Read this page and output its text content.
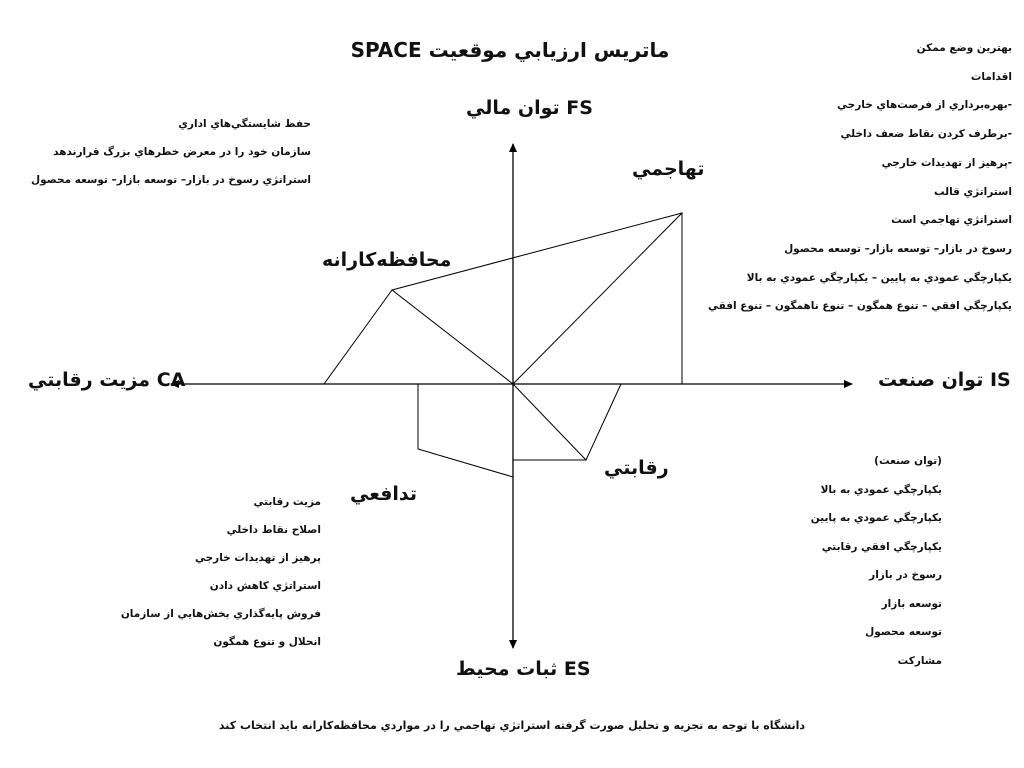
ماتريس ارزيابي موقعيت SPACE
FS توان مالي
ES ثبات محيط
CA مزيت رقابتي	IS توان صنعت
تهاجمي
محافظه‌كارانه
تدافعي
رقابتي
بهترين وضع ممكن
اقدامات
-بهره‌برداري از فرصت‌هاي خارجي
-برطرف كردن نقاط ضعف داخلي
-پرهيز از تهديدات خارجي
استراتژي قالب
استراتژي تهاجمي است
رسوخ در بازار– توسعه بازار– توسعه محصول
يكپارچگي عمودي به پايين – يكپارچگي عمودي به بالا
يكپارچگي افقي – تنوع همگون – تنوع ناهمگون – تنوع افقي
حفظ شايستگي‌هاي اداري
سازمان خود را در معرض خطرهاي بزرگ قرارندهد
استراتژي رسوخ در بازار– توسعه بازار– توسعه محصول
مزيت رقابتي
اصلاح نقاط داخلي
پرهيز از تهديدات خارجي
استراتژي كاهش دادن
فروش پايه‌گذاري بخش‌هايي از سازمان
انحلال و تنوع همگون
(توان صنعت)
يكپارچگي عمودي به بالا
يكپارچگي عمودي به پايين
يكپارچگي افقي رقابتي
رسوخ در بازار
توسعه بازار
توسعه محصول
مشاركت
دانشگاه با توجه به تجزيه و تحليل صورت گرفته استراتژي تهاجمي را در مواردي محافظه‌كارانه بايد انتخاب كند
